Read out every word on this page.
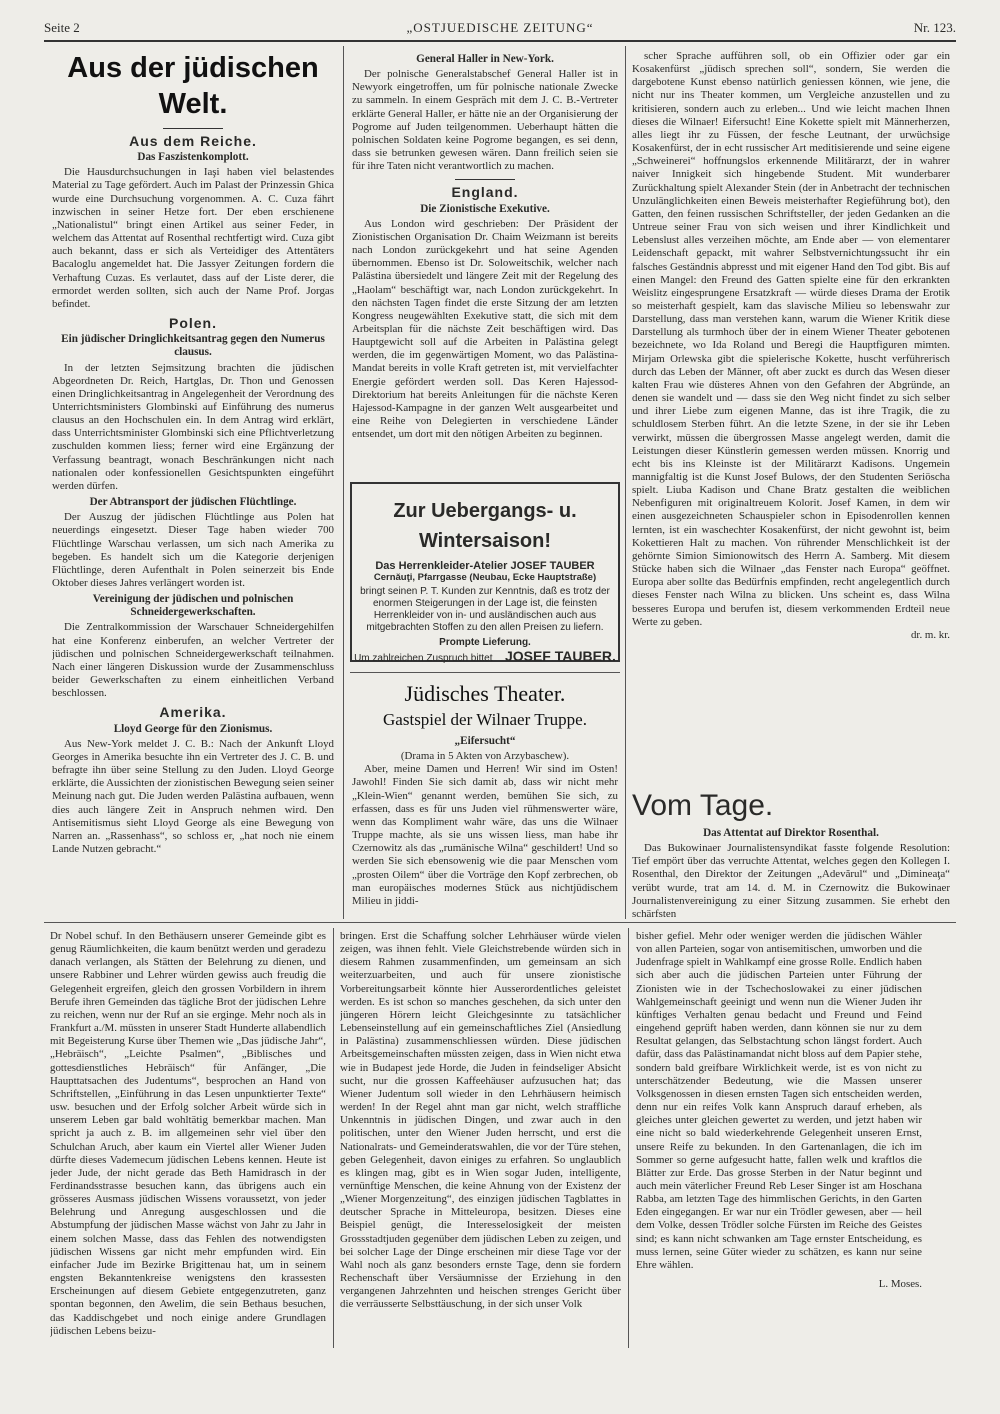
Seite 2	„OSTJUEDISCHE ZEITUNG“	Nr. 123.
Aus der jüdischen Welt.
Aus dem Reiche.
Das Faszistenkomplott.

Die Hausdurchsuchungen in Iaşi haben viel belastendes Material zu Tage gefördert. Auch im Palast der Prinzessin Ghica wurde eine Durchsuchung vorgenommen. A. C. Cuza fährt inzwischen in seiner Hetze fort. Der eben erschienene „Nationalistul“ bringt einen Artikel aus seiner Feder, in welchem das Attentat auf Rosenthal rechtfertigt wird. Cuza gibt auch bekannt, dass er sich als Verteidiger des Attentäters Bacaloglu angemeldet hat. Die Jassyer Zeitungen fordern die Verhaftung Cuzas. Es verlautet, dass auf der Liste derer, die ermordet werden sollten, sich auch der Name Prof. Jorgas befindet.

Polen.
Ein jüdischer Dringlichkeitsantrag gegen den Numerus clausus.

In der letzten Sejmsitzung brachten die jüdischen Abgeordneten Dr. Reich, Hartglas, Dr. Thon und Genossen einen Dringlichkeitsantrag in Angelegenheit der Verordnung des Unterrichtsministers Glombinski auf Einführung des numerus clausus an den Hochschulen ein. In dem Antrag wird erklärt, dass Unterrichtsminister Glombinski sich eine Pflichtverletzung zuschulden kommen liess; ferner wird eine Ergänzung der Verfassung beantragt, wonach Beschränkungen nicht nach nationalen oder konfessionellen Gesichtspunkten eingeführt werden dürfen.

Der Abtransport der jüdischen Flüchtlinge.

Der Auszug der jüdischen Flüchtlinge aus Polen hat neuerdings eingesetzt. Dieser Tage haben wieder 700 Flüchtlinge Warschau verlassen, um sich nach Amerika zu begeben. Es handelt sich um die Kategorie derjenigen Flüchtlinge, deren Aufenthalt in Polen seinerzeit bis Ende Oktober dieses Jahres verlängert worden ist.

Vereinigung der jüdischen und polnischen Schneidergewerkschaften.

Die Zentralkommission der Warschauer Schneidergehilfen hat eine Konferenz einberufen, an welcher Vertreter der jüdischen und polnischen Schneidergewerkschaft teilnahmen. Nach einer längeren Diskussion wurde der Zusammenschluss beider Gewerkschaften zu einem einheitlichen Verband beschlossen.

Amerika.
Lloyd George für den Zionismus.

Aus New-York meldet J. C. B.: Nach der Ankunft Lloyd Georges in Amerika besuchte ihn ein Vertreter des J. C. B. und befragte ihn über seine Stellung zu den Juden. Lloyd George erklärte, die Aussichten der zionistischen Bewegung seien seiner Meinung nach gut. Die Juden werden Palästina aufbauen, wenn dies auch längere Zeit in Anspruch nehmen wird. Den Antisemitismus sieht Lloyd George als eine Bewegung von Narren an. „Rassenhass“, so schloss er, „hat noch nie einem Lande Nutzen gebracht.“

General Haller in New-York.

Der polnische Generalstabschef General Haller ist in Newyork eingetroffen, um für polnische nationale Zwecke zu sammeln. In einem Gespräch mit dem J. C. B.-Vertreter erklärte General Haller, er hätte nie an der Organisierung der Pogrome auf Juden teilgenommen. Ueberhaupt hätten die polnischen Soldaten keine Pogrome begangen, es sei denn, dass sie betrunken gewesen wären. Dann freilich seien sie für ihre Taten nicht verantwortlich zu machen.

England.
Die Zionistische Exekutive.

Aus London wird geschrieben: Der Präsident der Zionistischen Organisation Dr. Chaim Weizmann ist bereits nach London zurückgekehrt und hat seine Agenden übernommen. Ebenso ist Dr. Soloweitschik, welcher nach Palästina übersiedelt und längere Zeit mit der Regelung des „Haolam“ beschäftigt war, nach London zurückgekehrt. In den nächsten Tagen findet die erste Sitzung der am letzten Kongress neugewählten Exekutive statt, die sich mit dem Arbeitsplan für die nächste Zeit beschäftigen wird. Das Hauptgewicht soll auf die Arbeiten in Palästina gelegt werden, die im gegenwärtigen Moment, wo das Palästina-Mandat bereits in volle Kraft getreten ist, mit vervielfachter Energie gefördert werden soll. Das Keren Hajessod-Direktorium hat bereits Anleitungen für die nächste Keren Hajessod-Kampagne in der ganzen Welt ausgearbeitet und eine Reihe von Delegierten in verschiedene Länder entsendet, um dort mit den nötigen Arbeiten zu beginnen.

Zur Uebergangs- u. Wintersaison!
Das Herrenkleider-Atelier JOSEF TAUBER
Cernăuţi, Pfarrgasse (Neubau, Ecke Hauptstraße)
bringt seinen P. T. Kunden zur Kenntnis, daß es trotz der enormen Steigerungen in der Lage ist, die feinsten Herrenkleider von in- und ausländischen auch aus mitgebrachten Stoffen zu den allen Preisen zu liefern.
Prompte Lieferung.
Um zahlreichen Zuspruch bittet JOSEF TAUBER.
Jüdisches Theater.
Gastspiel der Wilnaer Truppe.
„Eifersucht“
(Drama in 5 Akten von Arzybaschew).

Aber, meine Damen und Herren! Wir sind im Osten! Jawohl! Finden Sie sich damit ab, dass wir nicht mehr „Klein-Wien“ genannt werden, bemühen Sie sich, zu erfassen, dass es für uns Juden viel rühmenswerter wäre, wenn das Kompliment wahr wäre, das uns die Wilnaer Truppe machte, als sie uns wissen liess, man habe ihr Czernowitz als das „rumänische Wilna“ geschildert! Und so werden Sie sich ebensowenig wie die paar Menschen vom „prosten Oilem“ über die Vorträge den Kopf zerbrechen, ob man europäisches modernes Stück aus nichtjüdischem Milieu in jiddi-

scher Sprache aufführen soll, ob ein Offizier oder gar ein Kosakenfürst „jüdisch sprechen soll“, sondern, Sie werden die dargebotene Kunst ebenso natürlich geniessen können, wie jene, die nicht nur ins Theater kommen, um Vergleiche anzustellen und zu kritisieren, sondern auch zu erleben... Und wie leicht machen Ihnen dieses die Wilnaer! Eifersucht! Eine Kokette spielt mit Männerherzen, alles liegt ihr zu Füssen, der fesche Leutnant, der urwüchsige Kosakenfürst, der in echt russischer Art meditisierende und seine eigene „Schweinerei“ hoffnungslos erkennende Militärarzt, der in wahrer naiver Innigkeit sich hingebende Student. Mit wunderbarer Zurückhaltung spielt Alexander Stein (der in Anbetracht der technischen Unzulänglichkeiten einen Beweis meisterhafter Regieführung bot), den Gatten, den feinen russischen Schriftsteller, der jeden Gedanken an die Untreue seiner Frau von sich weisen und ihrer Kindlichkeit und Lebenslust alles verzeihen möchte, am Ende aber — von elementarer Leidenschaft gepackt, mit wahrer Selbstvernichtungssucht ihr ein falsches Geständnis abpresst und mit eigener Hand den Tod gibt. Bis auf einen Mangel: den Freund des Gatten spielte eine für den erkrankten Weislitz eingesprungene Ersatzkraft — würde dieses Drama der Erotik so meisterhaft gespielt, kam das slavische Milieu so lebenswahr zur Darstellung, dass man verstehen kann, warum die Wiener Kritik diese Darstellung als turmhoch über der in einem Wiener Theater gebotenen bezeichnete, wo Ida Roland und Beregi die Hauptfiguren mimten. Mirjam Orlewska gibt die spielerische Kokette, huscht verführerisch durch das Leben der Männer, oft aber zuckt es durch das Wesen dieser kalten Frau wie düsteres Ahnen von den Gefahren der Abgründe, an denen sie wandelt und — dass sie den Weg nicht findet zu sich selber und ihrer Liebe zum eigenen Manne, das ist ihre Tragik, die zu schuldlosem Sterben führt. An die letzte Szene, in der sie ihr Leben verwirkt, müssen die übergrossen Masse angelegt werden, damit die Leistungen dieser Künstlerin gemessen werden müssen. Knorrig und echt bis ins Kleinste ist der Militärarzt Kadisons. Ungemein mannigfaltig ist die Kunst Josef Bulows, der den Studenten Seriöscha spielt. Liuba Kadison und Chane Bratz gestalten die weiblichen Nebenfiguren mit originaltreuem Kolorit. Josef Kamen, in dem wir einen ausgezeichneten Schauspieler schon in Episodenrollen kennen lernten, ist ein waschechter Kosakenfürst, der nicht gewohnt ist, beim Kokettieren Halt zu machen. Von rührender Menschlichkeit ist der gehörnte Simion Simionowitsch des Herrn A. Samberg. Mit diesem Stücke haben sich die Wilnaer „das Fenster nach Europa“ geöffnet. Europa aber sollte das Bedürfnis empfinden, recht angelegentlich durch dieses Fenster nach Wilna zu blicken. Uns scheint es, dass Wilna besseres Europa und berufen ist, diesem verkommenden Erdteil neue Werte zu geben.

dr. m. kr.
Vom Tage.
Das Attentat auf Direktor Rosenthal.

Das Bukowinaer Journalistensyndikat fasste folgende Resolution: Tief empört über das verruchte Attentat, welches gegen den Kollegen I. Rosenthal, den Direktor der Zeitungen „Adevărul“ und „Dimineaţa“ verübt wurde, trat am 14. d. M. in Czernowitz die Bukowinaer Journalistenvereinigung zu einer Sitzung zusammen. Sie erhebt den schärfsten

Dr Nobel schuf. In den Bethäusern unserer Gemeinde gibt es genug Räumlichkeiten, die kaum benützt werden und geradezu danach verlangen, als Stätten der Belehrung zu dienen, und unsere Rabbiner und Lehrer würden gewiss auch freudig die Gelegenheit ergreifen, gleich den grossen Vorbildern in ihrem Berufe ihren Gemeinden das tägliche Brot der jüdischen Lehre zu reichen, wenn nur der Ruf an sie erginge. Mehr noch als in Frankfurt a./M. müssten in unserer Stadt Hunderte allabendlich mit Begeisterung Kurse über Themen wie „Das jüdische Jahr“, „Hebräisch“, „Leichte Psalmen“, „Biblisches und gottesdienstliches Hebräisch“ für Anfänger, „Die Haupttatsachen des Judentums“, besprochen an Hand von Schriftstellen, „Einführung in das Lesen unpunktierter Texte“ usw. besuchen und der Erfolg solcher Arbeit würde sich in unserem Leben gar bald wohltätig bemerkbar machen. Man spricht ja auch z. B. im allgemeinen sehr viel über den Schulchan Aruch, aber kaum ein Viertel aller Wiener Juden dürfte dieses Vademecum jüdischen Lebens kennen. Heute ist jeder Jude, der nicht gerade das Beth Hamidrasch in der Ferdinandsstrasse besuchen kann, das übrigens auch ein grösseres Ausmass jüdischen Wissens voraussetzt, von jeder Belehrung und Anregung ausgeschlossen und die Abstumpfung der jüdischen Masse wächst von Jahr zu Jahr in einem solchen Masse, dass das Fehlen des notwendigsten jüdischen Wissens gar nicht mehr empfunden wird. Ein einfacher Jude im Bezirke Brigittenau hat, um in seinem engsten Bekanntenkreise wenigstens den krassesten Erscheinungen auf diesem Gebiete entgegenzutreten, ganz spontan begonnen, den Awelim, die sein Bethaus besuchen, das Kaddischgebet und noch einige andere Grundlagen jüdischen Lebens beizu-

bringen. Erst die Schaffung solcher Lehrhäuser würde vielen zeigen, was ihnen fehlt. Viele Gleichstrebende würden sich in diesem Rahmen zusammenfinden, um gemeinsam an sich weiterzuarbeiten, und auch für unsere zionistische Vorbereitungsarbeit könnte hier Ausserordentliches geleistet werden. Es ist schon so manches geschehen, da sich unter den jüngeren Hörern leicht Gleichgesinnte zu tatsächlicher Lebenseinstellung auf ein gemeinschaftliches Ziel (Ansiedlung in Palästina) zusammenschliessen würden. Diese jüdischen Arbeitsgemeinschaften müssten zeigen, dass in Wien nicht etwa wie in Budapest jede Horde, die Juden in feindseliger Absicht sucht, nur die grossen Kaffeehäuser aufzusuchen hat; das Wiener Judentum soll wieder in den Lehrhäusern heimisch werden! In der Regel ahnt man gar nicht, welch straffliche Unkenntnis in jüdischen Dingen, und zwar auch in den politischen, unter den Wiener Juden herrscht, und erst die Nationalrats- und Gemeinderatswahlen, die vor der Türe stehen, geben Gelegenheit, davon einiges zu erfahren. So unglaublich es klingen mag, gibt es in Wien sogar Juden, intelligente, vernünftige Menschen, die keine Ahnung von der Existenz der „Wiener Morgenzeitung“, des einzigen jüdischen Tagblattes in deutscher Sprache in Mitteleuropa, besitzen. Dieses eine Beispiel genügt, die Interesselosigkeit der meisten Grossstadtjuden gegenüber dem jüdischen Leben zu zeigen, und bei solcher Lage der Dinge erscheinen mir diese Tage vor der Wahl noch als ganz besonders ernste Tage, denn sie fordern Rechenschaft über Versäumnisse der Erziehung in den vergangenen Jahrzehnten und heischen strenges Gericht über die verräusserte Selbsttäuschung, in der sich unser Volk

bisher gefiel. Mehr oder weniger werden die jüdischen Wähler von allen Parteien, sogar von antisemitischen, umworben und die Judenfrage spielt in Wahlkampf eine grosse Rolle. Endlich haben sich aber auch die jüdischen Parteien unter Führung der Zionisten wie in der Tschechoslowakei zu einer jüdischen Wahlgemeinschaft geeinigt und wenn nun die Wiener Juden ihr künftiges Verhalten genau bedacht und Freund und Feind eingehend geprüft haben werden, dann können sie nur zu dem Resultat gelangen, das Selbstachtung schon längst fordert. Auch dafür, dass das Palästinamandat nicht bloss auf dem Papier stehe, sondern bald greifbare Wirklichkeit werde, ist es von nicht zu unterschätzender Bedeutung, wie die Massen unserer Volksgenossen in diesen ernsten Tagen sich entscheiden werden, denn nur ein reifes Volk kann Anspruch darauf erheben, als gleiches unter gleichen gewertet zu werden, und jetzt haben wir eine nicht so bald wiederkehrende Gelegenheit unseren Ernst, unsere Reife zu bekunden. In den Gartenanlagen, die ich im Sommer so gerne aufgesucht hatte, fallen welk und kraftlos die Blätter zur Erde. Das grosse Sterben in der Natur beginnt und auch mein väterlicher Freund Reb Leser Singer ist am Hoschana Rabba, am letzten Tage des himmlischen Gerichts, in den Garten Eden eingegangen. Er war nur ein Trödler gewesen, aber — heil dem Volke, dessen Trödler solche Fürsten im Reiche des Geistes sind; es kann nicht schwanken am Tage ernster Entscheidung, es muss lernen, seine Güter wieder zu schätzen, es kann nur seine Ehre wählen.

L. Moses.
